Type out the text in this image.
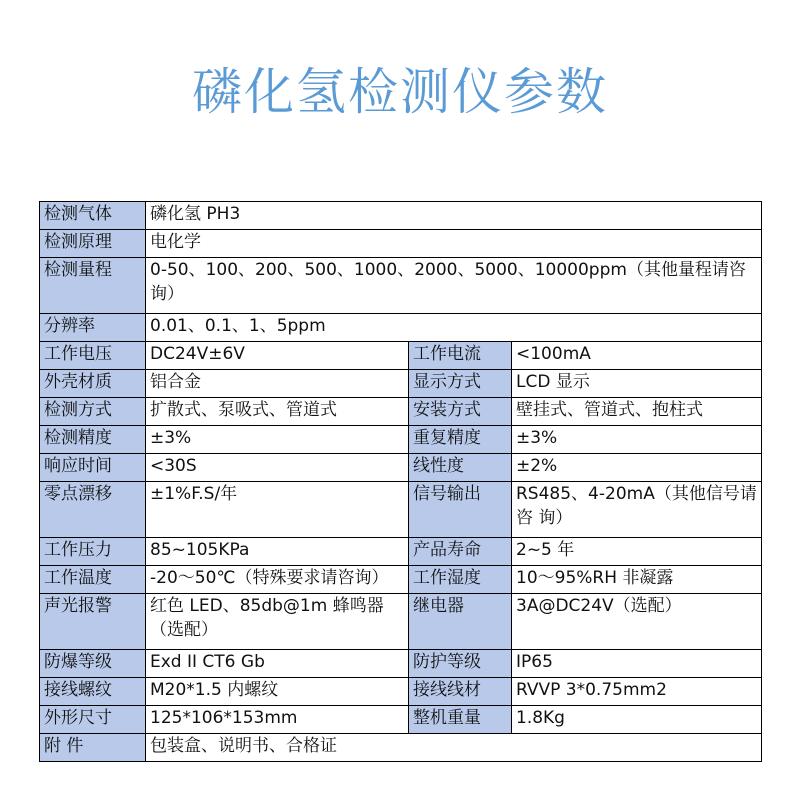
磷化氢检测仪参数
检测气体	磷化氢 PH3		
检测原理	电化学		
检测量程	0-50、100、200、500、1000、2000、5000、10000ppm（其他量程请咨询）		
分辨率	0.01、0.1、1、5ppm		
工作电压	DC24V±6V	工作电流	<100mA
外壳材质	铝合金	显示方式	LCD 显示
检测方式	扩散式、泵吸式、管道式	安装方式	壁挂式、管道式、抱柱式
检测精度	±3%	重复精度	±3%
响应时间	<30S	线性度	±2%
零点漂移	±1%F.S/年	信号输出	RS485、4-20mA（其他信号请咨 询）
工作压力	85~105KPa	产品寿命	2~5 年
工作温度	-20～50℃（特殊要求请咨询）	工作湿度	10～95%RH 非凝露
声光报警	红色 LED、85db@1m 蜂鸣器（选配）	继电器	3A@DC24V（选配）
防爆等级	Exd II CT6 Gb	防护等级	IP65
接线螺纹	M20*1.5 内螺纹	接线线材	RVVP 3*0.75mm2
外形尺寸	125*106*153mm	整机重量	1.8Kg
附 件	包装盒、说明书、合格证		
